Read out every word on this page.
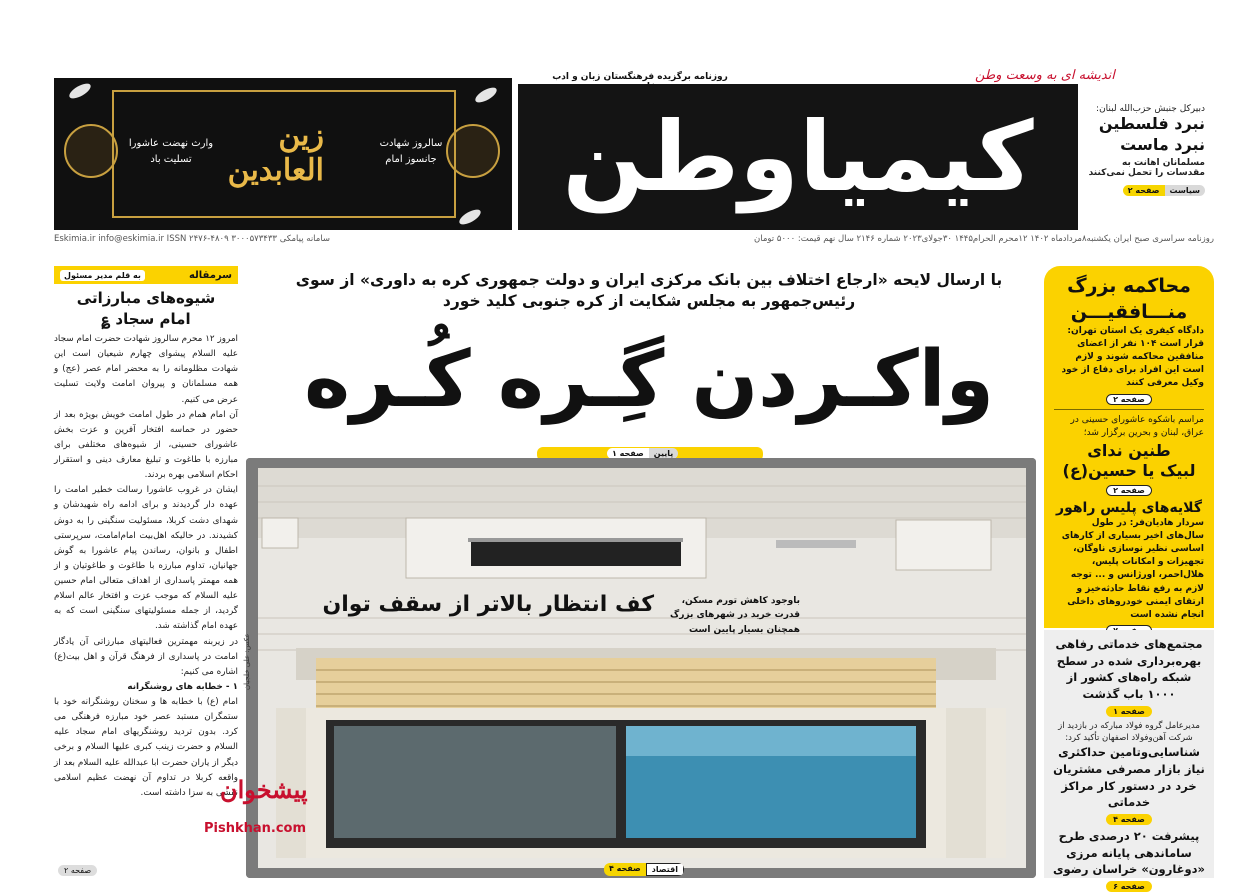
اندیشه ای به وسعت وطن
روزنامه برگزیده فرهنگستان زبان و ادب
کیمیاوطن
زین العابدین
سالروز شهادت
جانسوز امام
وارث نهضت عاشورا
تسلیت باد
دبیرکل جنبش حزب‌الله لبنان:
نبرد فلسطین
نبرد ماست
مسلمانان اهانت به مقدسات را تحمل نمی‌کنند
سیاست
صفحه ۲
روزنامه سراسری صبح ایران یکشنبه۸مردادماه ۱۴۰۲ ۱۲محرم الحرام۱۴۴۵ ۳۰جولای۲۰۲۳ شماره ۲۱۴۶ سال نهم قیمت: ۵۰۰۰ تومان
سامانه پیامکی ۳۰۰۰۵۷۳۴۳۳ Eskimia.ir info@eskimia.ir ISSN ۲۴۷۶-۴۸۰۹
سرمقاله
به قلم مدیر مسئول
شیوه‌های مبارزاتی
امام سجاد ؏

امروز ۱۲ محرم سالروز شهادت حضرت امام سجاد علیه السلام پیشوای چهارم شیعیان است این شهادت مظلومانه را به محضر امام عصر (عج) و همه مسلمانان و پیروان امامت ولایت تسلیت عرض می کنیم.

آن امام همام در طول امامت خویش بویژه بعد از حضور در حماسه افتخار آفرین و عزت بخش عاشورای حسینی، از شیوه‌های مختلفی برای مبارزه با طاغوت و تبلیغ معارف دینی و استقرار احکام اسلامی بهره بردند.

ایشان در غروب عاشورا رسالت خطیر امامت را عهده دار گردیدند و برای ادامه راه شهیدشان و شهدای دشت کربلا، مسئولیت سنگینی را به دوش کشیدند. در حالیکه اهل‌بیت امام‌امامت، سرپرستی اطفال و بانوان، رساندن پیام عاشورا به گوش جهانیان، تداوم مبارزه با طاغوت و طاغوتیان و از همه مهمتر پاسداری از اهداف متعالی امام حسین علیه السلام که موجب عزت و افتخار عالم اسلام گردید، از جمله مسئولیتهای سنگینی است که به عهده امام گذاشته شد.

در زیربنه مهمترین فعالیتهای مبارزاتی آن یادگار امامت در پاسداری از فرهنگ قرآن و اهل بیت(ع) اشاره می کنیم:

۱ - خطابه های روشنگرانه

امام (ع) با خطابه ها و سخنان روشنگرانه خود با ستمگران مستبد عصر خود مبارزه فرهنگی می کرد. بدون تردید روشنگریهای امام سجاد علیه السلام و حضرت زینب کبری علیها السلام و برخی دیگر از یاران حضرت ابا عبدالله علیه السلام بعد از واقعه کربلا در تداوم آن نهضت عظیم اسلامی نقشی به سزا داشته است.

صفحه ۲
با ارسال لایحه «ارجاع اختلاف بین بانک مرکزی ایران و دولت جمهوری کره به داوری» از سوی رئیس‌جمهور به مجلس شکایت از کره جنوبی کلید خورد
واکـردن گِـره کُـره
پایین
صفحه ۱
باوجود کاهش تورم مسکن، قدرت خرید در شهرهای بزرگ همچنان بسیار پایین است
کف انتظار بالاتر از سقف توان
عکس: علی خلجیان
اقتصاد
صفحه ۴
محاکمه بزرگ
منـــافقیـــن
دادگاه کیفری یک استان تهران:
قرار است ۱۰۴ نفر از اعضای منافقین محاکمه شوند و لازم است این افراد برای دفاع از خود وکیل معرفی کنند
صفحه ۲
مراسم باشکوه عاشورای حسینی در عراق، لبنان و بحرین برگزار شد؛
طنین ندای
لبیک یا حسین(ع)
صفحه ۲
گلایه‌های پلیس راهور
سردار هادیان‌فر: در طول سال‌های اخیر بسیاری از کارهای اساسی نظیر نوسازی ناوگان، تجهیزات و امکانات پلیس، هلال‌احمر، اورژانس و ... توجه لازم به رفع نقاط حادثه‌خیز و ارتقای ایمنی خودروهای داخلی انجام نشده است
مجتمع‌های خدماتی رفاهی بهره‌برداری شده در سطح شبکه راه‌های کشور از ۱۰۰۰ باب گذشت
صفحه ۱
مدیرعامل گروه فولاد مبارکه در بازدید از شرکت آهن‌وفولاد اصفهان تأکید کرد:
شناسایی‌وتامین حداکثری نیاز بازار مصرفی مشتریان خرد در دستور کار مراکز خدماتی
صفحه ۴
پیشرفت ۲۰ درصدی طرح ساماندهی پایانه مرزی «دوغارون» خراسان رضوی
صفحه ۶
پیشخوان
Pishkhan.com
